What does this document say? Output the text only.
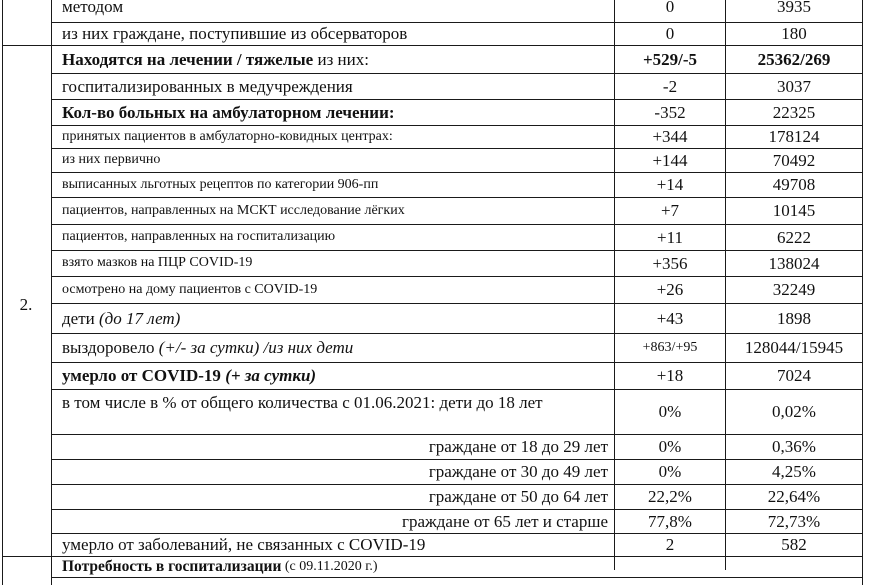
2.
методом	0	3935
из них граждане, поступившие из обсерваторов	0	180
Находятся на лечении / тяжелые из них:	+529/-5	25362/269
госпитализированных в медучреждения	-2	3037
Кол-во больных на амбулаторном лечении:	-352	22325
принятых пациентов в амбулаторно-ковидных центрах:	+344	178124
из них первично	+144	70492
выписанных льготных рецептов по категории 906-пп	+14	49708
пациентов, направленных на МСКТ исследование лёгких	+7	10145
пациентов, направленных на госпитализацию	+11	6222
взято мазков на ПЦР COVID-19	+356	138024
осмотрено на дому пациентов с COVID-19	+26	32249
дети (до 17 лет)	+43	1898
выздоровело (+/- за сутки) /из них дети	+863/+95	128044/15945
умерло от COVID-19 (+ за сутки)	+18	7024
в том числе в % от общего количества с 01.06.2021: дети до 18 лет	0%	0,02%
граждане от 18 до 29 лет	0%	0,36%
граждане от 30 до 49 лет	0%	4,25%
граждане от 50 до 64 лет	22,2%	22,64%
граждане от 65 лет и старше	77,8%	72,73%
умерло от заболеваний, не связанных с COVID-19	2	582
Потребность в госпитализации (с 09.11.2020 г.)
